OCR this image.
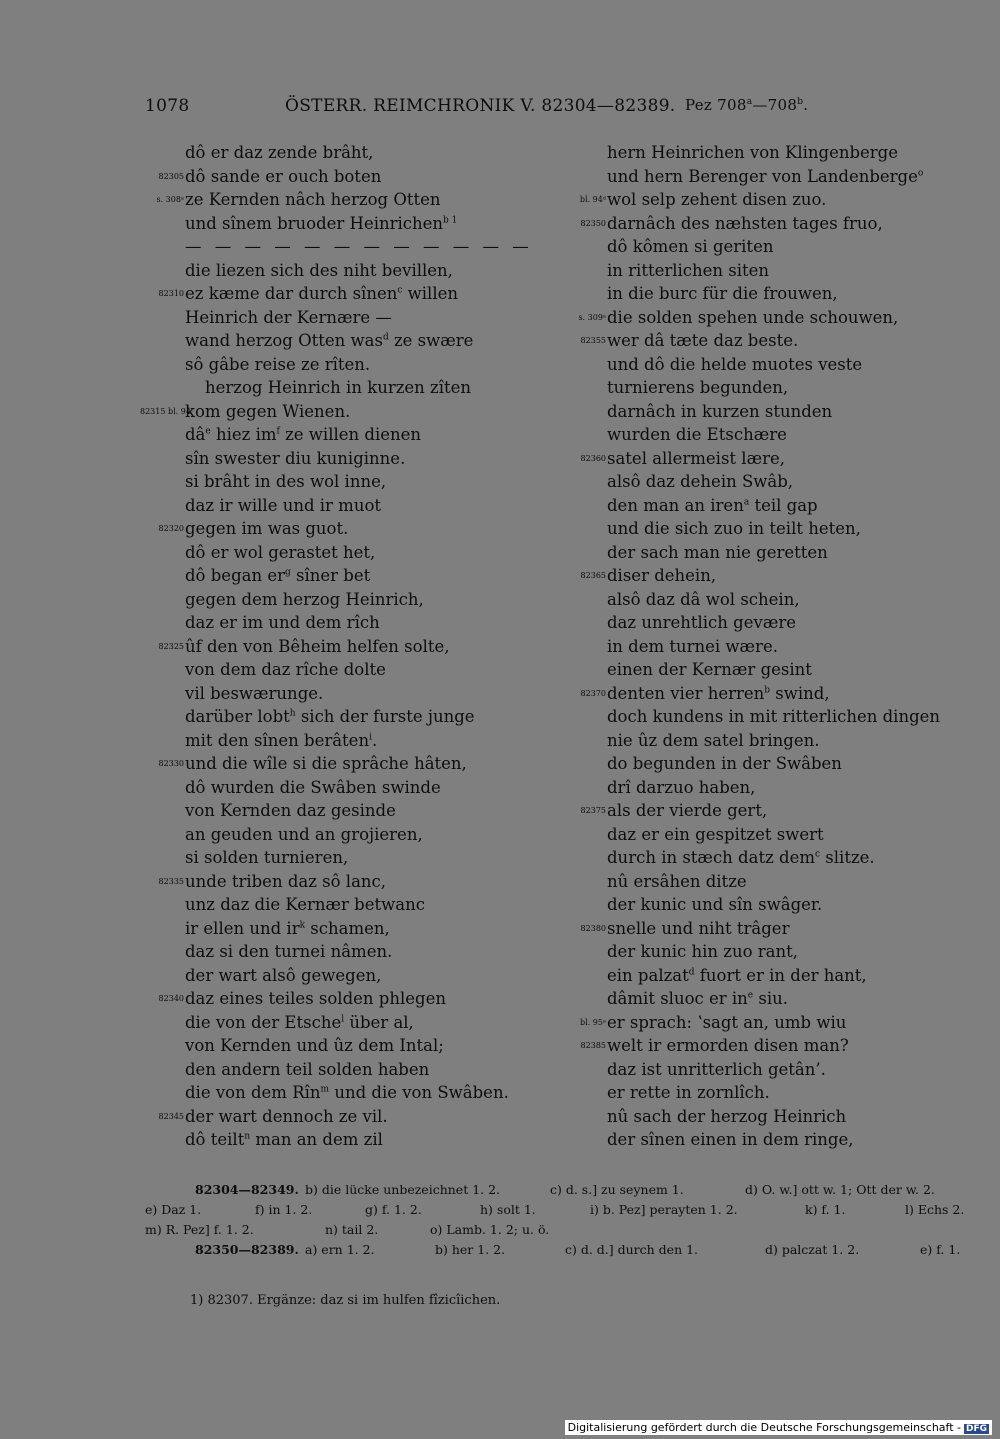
1078	ÖSTERR. REIMCHRONIK V. 82304—82389. Pez 708$^a$—708$^b$.
dô er daz zende brâht,
82305 dô sande er ouch boten
s. 308ᵃ ze Kernden nâch herzog Otten
und sînem bruoder Heinrichen$^{b 1}$
— — — — — — — — — — — —
die liezen sich des niht bevillen,
82310 ez kæme dar durch sînen$^c$ willen
Heinrich der Kernære —
wand herzog Otten was$^d$ ze swære
sô gâbe reise ze rîten.
herzog Heinrich in kurzen zîten
82315 bl. 94ᶜ
kom gegen Wienen.
$dâ^e$ hiez $im^f$ ze willen dienen
sîn swester diu kuniginne.
si brâht in des wol inne,
daz ir wille und ir muot
82320 gegen im was guot.
dô er wol gerastet het,
dô began $er^g$ sîner bet
gegen dem herzog Heinrich,
daz er im und dem rîch
82325 ûf den von Bêheim helfen solte,
von dem daz rîche dolte
vil beswærunge.
darüber lobt$^h$ sich der furste junge
mit den sînen berâten$^i$.
82330 und die wîle si die sprâche hâten,
dô wurden die Swâben swinde
von Kernden daz gesinde
an geuden und an grojieren,
si solden turnieren,
82335 unde triben daz sô lanc,
unz daz die Kernær betwanc
ir ellen und $ir^k$ schamen,
daz si den turnei nâmen.
der wart alsô gewegen,
82340 daz eines teiles solden phlegen
die von der Etsche$^l$ über al,
von Kernden und ûz dem Intal;
den andern teil solden haben
die von dem Rîn$^m$ und die von Swâben.
82345 der wart dennoch ze vil.
dô teilt$^n$ man an dem zil
hern Heinrichen von Klingenberge
und hern Berenger von Landenberge$^o$
bl. 94ᵈ wol selp zehent disen zuo.
82350 darnâch des næhsten tages fruo,
dô kômen si geriten
in ritterlichen siten
in die burc für die frouwen,
s. 309ᵃ die solden spehen unde schouwen,
82355 wer dâ tæte daz beste.
und dô die helde muotes veste
turnierens begunden,
darnâch in kurzen stunden
wurden die Etschære
82360 satel allermeist lære,
alsô daz dehein Swâb,
den man an iren$^a$ teil gap
und die sich zuo in teilt heten,
der sach man nie geretten
82365 diser dehein,
alsô daz dâ wol schein,
daz unrehtlich gevære
in dem turnei wære.
einen der Kernær gesint
82370 denten vier herren$^b$ swind,
doch kundens in mit ritterlichen dingen
nie ûz dem satel bringen.
do begunden in der Swâben
drî darzuo haben,
82375 als der vierde gert,
daz er ein gespitzet swert
durch in stæch datz dem$^c$ slitze.
nû ersâhen ditze
der kunic und sîn swâger.
82380 snelle und niht trâger
der kunic hin zuo rant,
ein palzat$^d$ fuort er in der hant,
dâmit sluoc er $in^e$ siu.
bl. 95ᵃ er sprach: ʽsagt an, umb wiu
82385 welt ir ermorden disen man?
daz ist unritterlich getân’.
er rette in zornlîch.
nû sach der herzog Heinrich
der sînen einen in dem ringe,
82304—82349. b) die lücke unbezeichnet 1. 2.	c) d. s.] zu seynem 1.	d) O. w.] ott w. 1; Ott der w. 2.
e) Daz 1.	f) in 1. 2.	g) f. 1. 2.	h) solt 1.	i) b. Pez] perayten 1. 2.	k) f. 1.	l) Echs 2.
m) R. Pez] f. 1. 2.	n) tail 2.	o) Lamb. 1. 2; u. ö.
82350—82389. a) ern 1. 2.	b) her 1. 2.	c) d. d.] durch den 1.	d) palczat 1. 2.	e) f. 1.
1) 82307. Ergänze: daz si im hulfen fîzicîichen.
Digitalisierung gefördert durch die Deutsche Forschungsgemeinschaft - DFG
